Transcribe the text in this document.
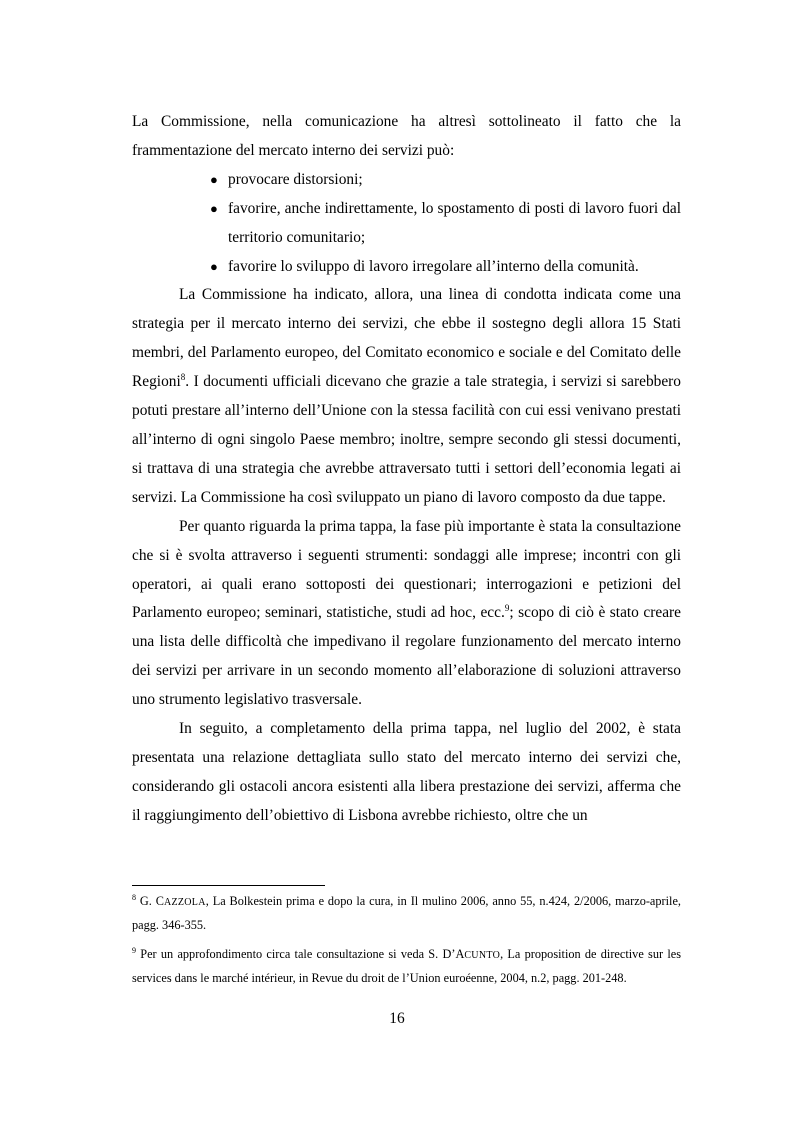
La Commissione, nella comunicazione ha altresì sottolineato il fatto che la frammentazione del mercato interno dei servizi può:

● provocare distorsioni;
● favorire, anche indirettamente, lo spostamento di posti di lavoro fuori dal territorio comunitario;
● favorire lo sviluppo di lavoro irregolare all’interno della comunità.

La Commissione ha indicato, allora, una linea di condotta indicata come una strategia per il mercato interno dei servizi, che ebbe il sostegno degli allora 15 Stati membri, del Parlamento europeo, del Comitato economico e sociale e del Comitato delle Regioni$^8$. I documenti ufficiali dicevano che grazie a tale strategia, i servizi si sarebbero potuti prestare all’interno dell’Unione con la stessa facilità con cui essi venivano prestati all’interno di ogni singolo Paese membro; inoltre, sempre secondo gli stessi documenti, si trattava di una strategia che avrebbe attraversato tutti i settori dell’economia legati ai servizi. La Commissione ha così sviluppato un piano di lavoro composto da due tappe.

Per quanto riguarda la prima tappa, la fase più importante è stata la consultazione che si è svolta attraverso i seguenti strumenti: sondaggi alle imprese; incontri con gli operatori, ai quali erano sottoposti dei questionari; interrogazioni e petizioni del Parlamento europeo; seminari, statistiche, studi ad hoc, ecc.$^9$; scopo di ciò è stato creare una lista delle difficoltà che impedivano il regolare funzionamento del mercato interno dei servizi per arrivare in un secondo momento all’elaborazione di soluzioni attraverso uno strumento legislativo trasversale.

In seguito, a completamento della prima tappa, nel luglio del 2002, è stata presentata una relazione dettagliata sullo stato del mercato interno dei servizi che, considerando gli ostacoli ancora esistenti alla libera prestazione dei servizi, afferma che il raggiungimento dell’obiettivo di Lisbona avrebbe richiesto, oltre che un

$^8$ G. CAZZOLA, La Bolkestein prima e dopo la cura, in Il mulino 2006, anno 55, n.424, 2/2006, marzo-aprile, pagg. 346-355.

$^9$ Per un approfondimento circa tale consultazione si veda S. D’ACUNTO, La proposition de directive sur les services dans le marché intérieur, in Revue du droit de l’Union euroéenne, 2004, n.2, pagg. 201-248.

16
